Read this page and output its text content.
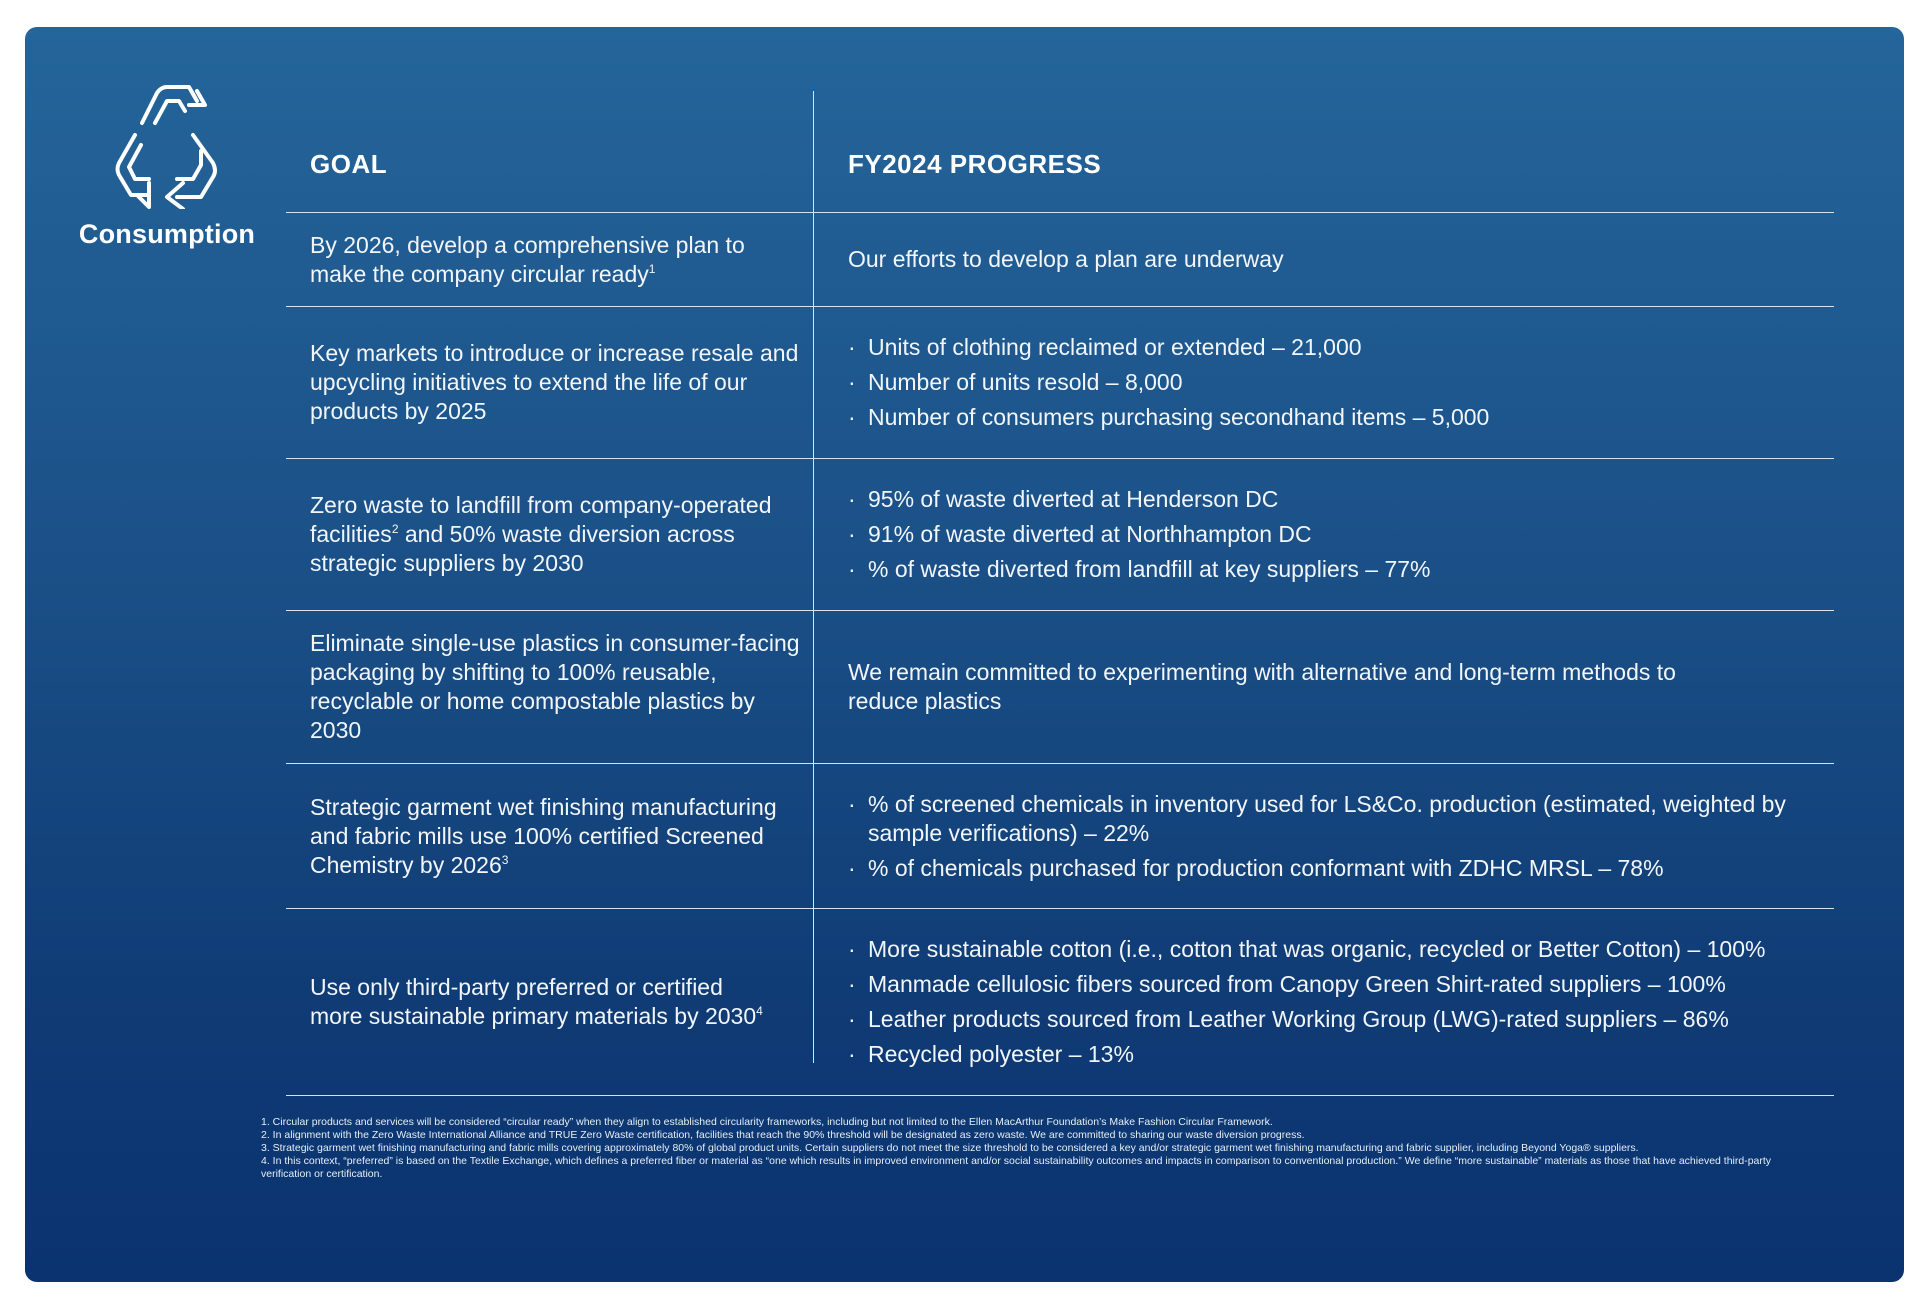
Consumption
GOAL	FY2024 PROGRESS
By 2026, develop a comprehensive plan to make the company circular ready$^1$	Our efforts to develop a plan are underway
Key markets to introduce or increase resale and upcycling initiatives to extend the life of our products by 2025
· Units of clothing reclaimed or extended – 21,000
· Number of units resold – 8,000
· Number of consumers purchasing secondhand items – 5,000
Zero waste to landfill from company-operated facilities$^2$ and 50% waste diversion across strategic suppliers by 2030
· 95% of waste diverted at Henderson DC
· 91% of waste diverted at Northhampton DC
· % of waste diverted from landfill at key suppliers – 77%
Eliminate single-use plastics in consumer-facing packaging by shifting to 100% reusable, recyclable or home compostable plastics by 2030
We remain committed to experimenting with alternative and long-term methods to reduce plastics
Strategic garment wet finishing manufacturing and fabric mills use 100% certified Screened Chemistry by $2026^3$
· % of screened chemicals in inventory used for LS&Co. production (estimated, weighted by sample verifications) – 22%
· % of chemicals purchased for production conformant with ZDHC MRSL – 78%
Use only third-party preferred or certified more sustainable primary materials by $2030^4$
· More sustainable cotton (i.e., cotton that was organic, recycled or Better Cotton) – 100%
· Manmade cellulosic fibers sourced from Canopy Green Shirt-rated suppliers – 100%
· Leather products sourced from Leather Working Group (LWG)-rated suppliers – 86%
· Recycled polyester – 13%

1. Circular products and services will be considered “circular ready” when they align to established circularity frameworks, including but not limited to the Ellen MacArthur Foundation’s Make Fashion Circular Framework.

2. In alignment with the Zero Waste International Alliance and TRUE Zero Waste certification, facilities that reach the 90% threshold will be designated as zero waste. We are committed to sharing our waste diversion progress.

3. Strategic garment wet finishing manufacturing and fabric mills covering approximately 80% of global product units. Certain suppliers do not meet the size threshold to be considered a key and/or strategic garment wet finishing manufacturing and fabric supplier, including Beyond Yoga® suppliers.

4. In this context, “preferred” is based on the Textile Exchange, which defines a preferred fiber or material as “one which results in improved environment and/or social sustainability outcomes and impacts in comparison to conventional production.” We define “more sustainable” materials as those that have achieved third-party verification or certification.
